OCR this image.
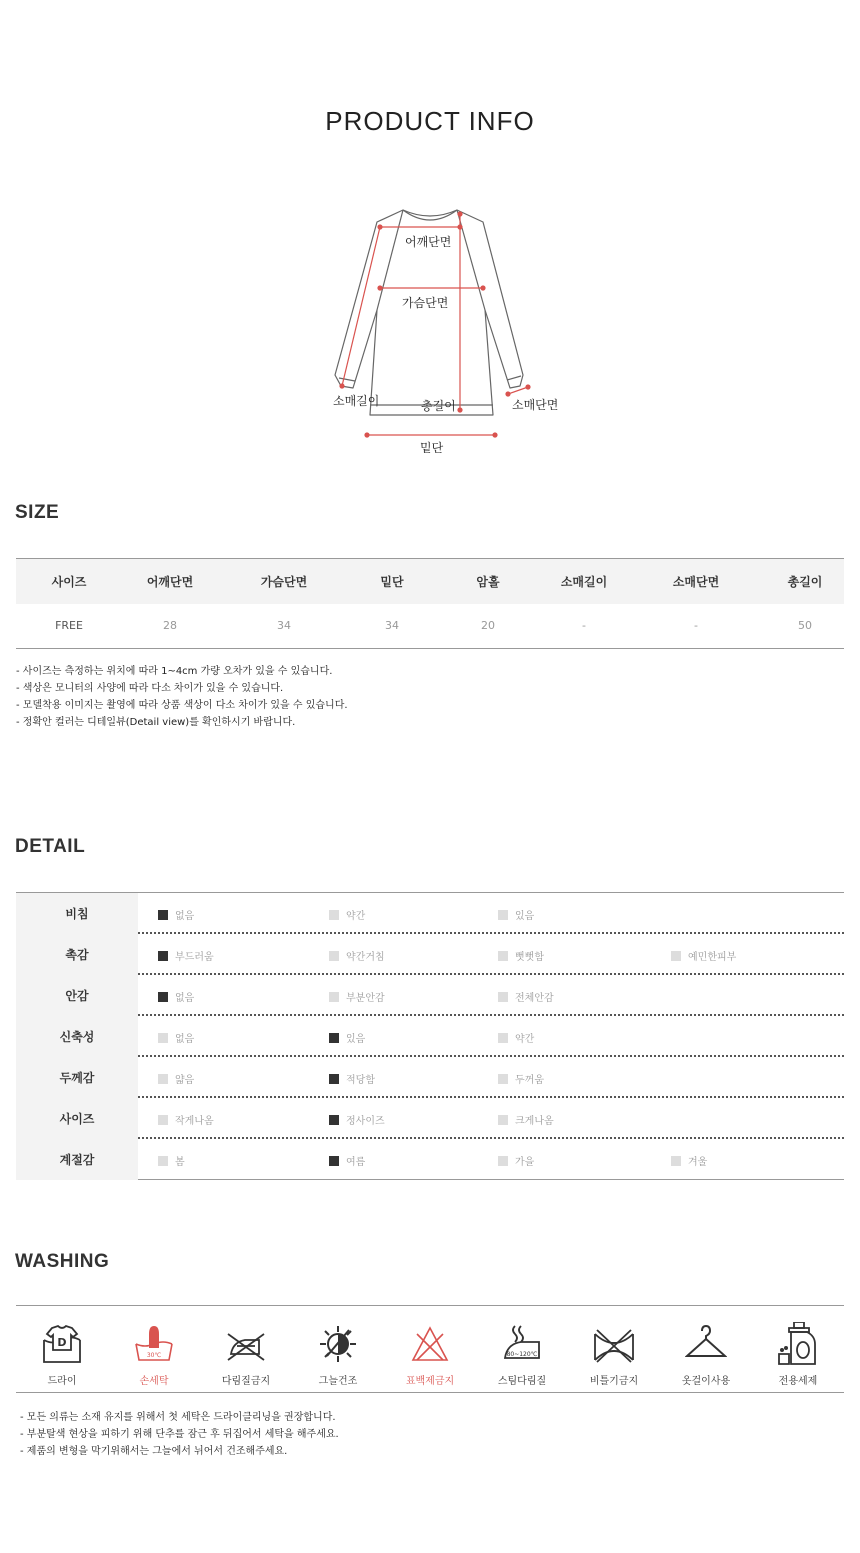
PRODUCT INFO
어깨단면
가슴단면
소매길이	총길이	소매단면
밑단
SIZE
사이즈	어깨단면	가슴단면	밑단	암홀	소매길이	소매단면	총길이
FREE	28	34	34	20	-	-	50
- 사이즈는 측정하는 위치에 따라 1~4cm 가량 오차가 있을 수 있습니다.
- 색상은 모니터의 사양에 따라 다소 차이가 있을 수 있습니다.
- 모델착용 이미지는 촬영에 따라 상품 색상이 다소 차이가 있을 수 있습니다.
- 정확안 컬러는 디테일뷰(Detail view)를 확인하시기 바랍니다.
DETAIL
비침	없음	약간	있음
촉감	부드러움	약간거침	뻣뻣함	예민한피부
안감	없음	부분안감	전체안감
신축성	없음	있음	약간
두께감	얇음	적당함	두꺼움
사이즈	작게나옴	정사이즈	크게나옴
계절감	봄	여름	가을	겨울
WASHING
D
드라이
30℃
손세탁	다림질금지	그늘건조	표백제금지
80~120℃
스팀다림질	비틀기금지	옷걸이사용	전용세제
- 모든 의류는 소재 유지를 위해서 첫 세탁은 드라이클리닝을 권장합니다.
- 부분탈색 현상을 피하기 위해 단추를 잠근 후 뒤집어서 세탁을 해주세요.
- 제품의 변형을 막기위해서는 그늘에서 뉘어서 건조해주세요.
